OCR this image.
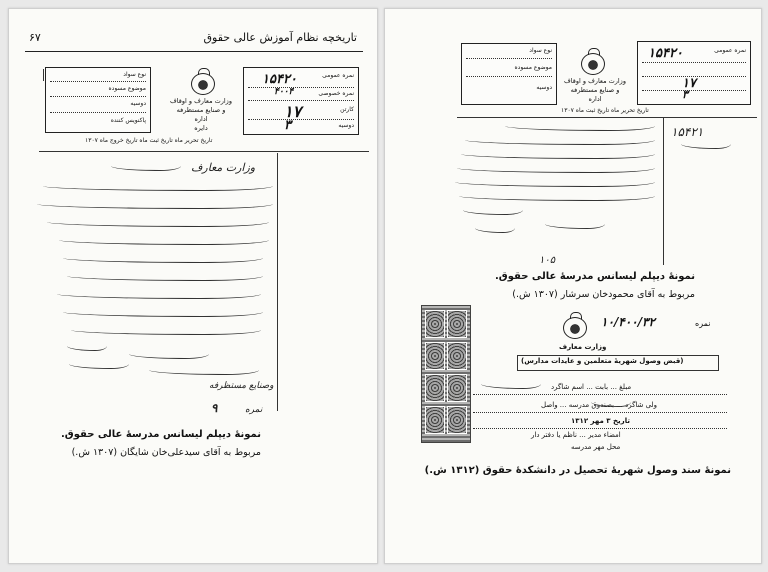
تاریخچه نظام آموزش عالی حقوق
۶۷
نوع سواد
موضوع مسوده
دوسیه
پاکنویس کننده
وزارت معارف و اوقاف
و صنایع مستظرفه
اداره
دایره
نمره عمومی
۱۵۴۲۰
نمره خصوصی
۴۰۰۴
کارتن
۱۷
دوسیه
۳
تاریخ تحریر ماه تاریخ ثبت ماه تاریخ خروج ماه ۱۳۰۷
وزارت معارف
وصنایع مستظرفه
نمره
۹
نمونهٔ دیپلم لیسانس مدرسهٔ عالی حقوق.
مربوط به آقای سیدعلی‌خان شایگان (۱۳۰۷ ش.)
نوع سواد
موضوع مسوده
دوسیه
وزارت معارف و اوقاف
و صنایع مستظرفه
اداره
نمره عمومی
۱۵۴۲۰
۱۷
۳
تاریخ تحریر ماه تاریخ ثبت ماه ۱۳۰۷
۱۵۴۲۱
۱۰۵
نمونهٔ دیپلم لیسانس مدرسهٔ عالی حقوق.
مربوط به آقای محمودخان سرشار (۱۳۰۷ ش.)
نمره
۱۰/۴۰۰/۳۲
وزارت معارف
(قبض وصول شهریهٔ متعلمین و عایدات مدارس)
مبلغ ... بابت ... اسم شاگرد
ولی شاگرد ... بصندوق مدرسه ... واصل
تاریخ ۳ مهر ۱۳۱۲
امضاء مدیر ... ناظم یا دفتر دار
محل مهر مدرسه
نمونهٔ سند وصول شهریهٔ تحصیل در دانشکدهٔ حقوق (۱۳۱۲ ش.)
